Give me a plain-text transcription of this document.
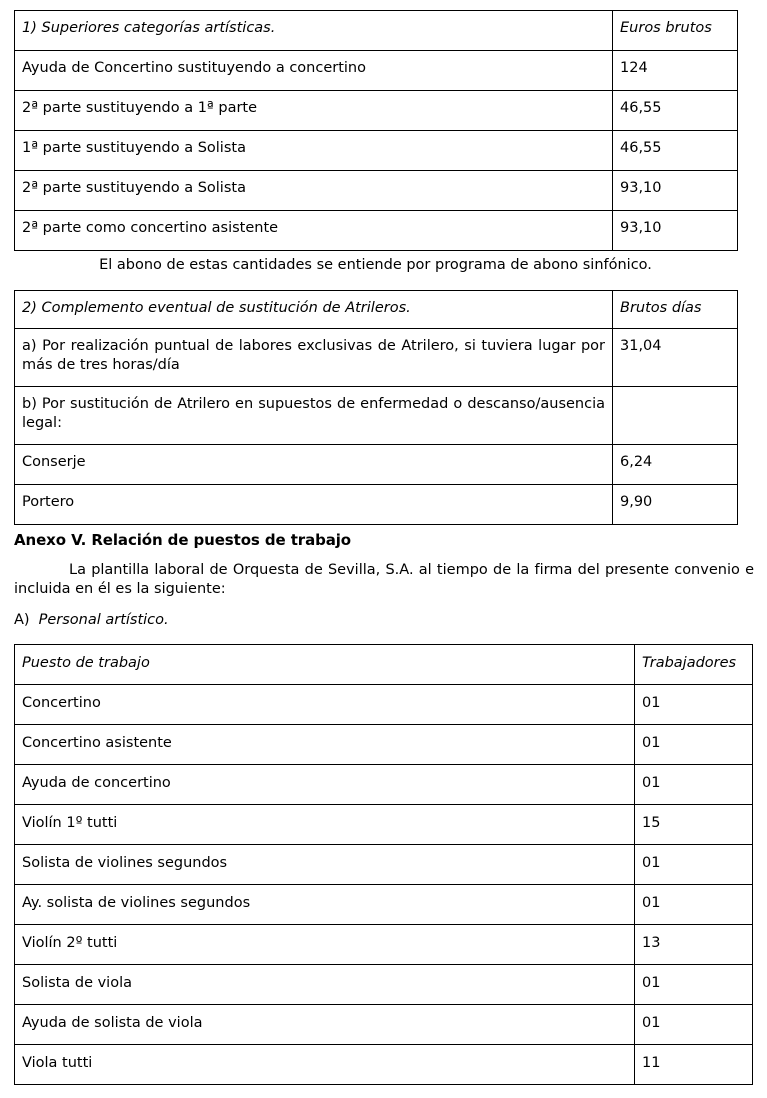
1) Superiores categorías artísticas.	Euros brutos
Ayuda de Concertino sustituyendo a concertino	124
2ª parte sustituyendo a 1ª parte	46,55
1ª parte sustituyendo a Solista	46,55
2ª parte sustituyendo a Solista	93,10
2ª parte como concertino asistente	93,10
El abono de estas cantidades se entiende por programa de abono sinfónico.
2) Complemento eventual de sustitución de Atrileros.	Brutos días
a) Por realización puntual de labores exclusivas de Atrilero, si tuviera lugar por más de tres horas/día	31,04
b) Por sustitución de Atrilero en supuestos de enfermedad o descanso/ausencia legal:	
Conserje	6,24
Portero	9,90
Anexo V. Relación de puestos de trabajo
La plantilla laboral de Orquesta de Sevilla, S.A. al tiempo de la firma del presente convenio e incluida en él es la siguiente:
A) Personal artístico.
Puesto de trabajo	Trabajadores
Concertino	01
Concertino asistente	01
Ayuda de concertino	01
Violín 1º tutti	15
Solista de violines segundos	01
Ay. solista de violines segundos	01
Violín 2º tutti	13
Solista de viola	01
Ayuda de solista de viola	01
Viola tutti	11
